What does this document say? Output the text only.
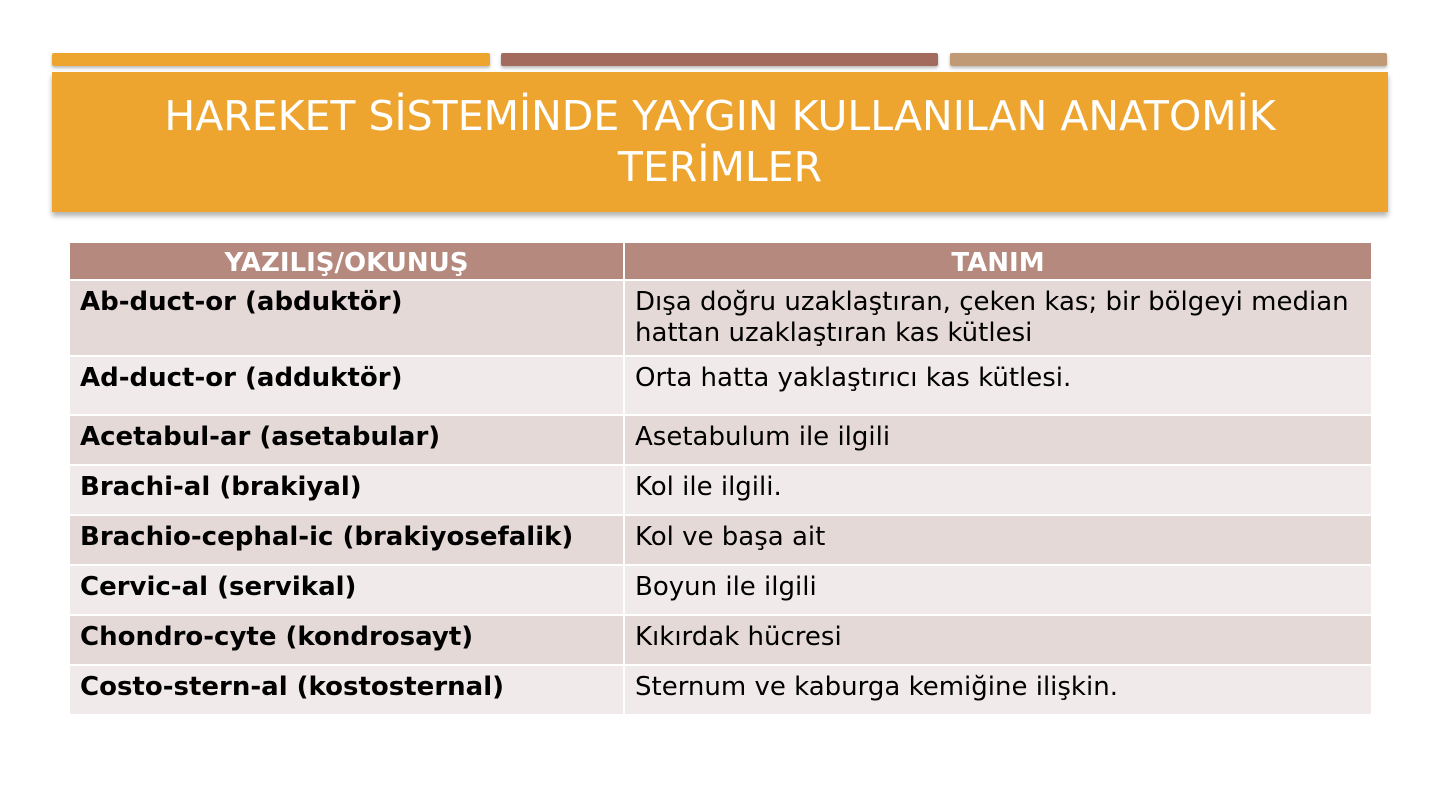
HAREKET SİSTEMİNDE YAYGIN KULLANILAN ANATOMİK TERİMLER
YAZILIŞ/OKUNUŞ	TANIM
Ab-duct-or (abduktör)	Dışa doğru uzaklaştıran, çeken kas; bir bölgeyi median hattan uzaklaştıran kas kütlesi
Ad-duct-or (adduktör)	Orta hatta yaklaştırıcı kas kütlesi.
Acetabul-ar (asetabular)	Asetabulum ile ilgili
Brachi-al (brakiyal)	Kol ile ilgili.
Brachio-cephal-ic (brakiyosefalik)	Kol ve başa ait
Cervic-al (servikal)	Boyun ile ilgili
Chondro-cyte (kondrosayt)	Kıkırdak hücresi
Costo-stern-al (kostosternal)	Sternum ve kaburga kemiğine ilişkin.
